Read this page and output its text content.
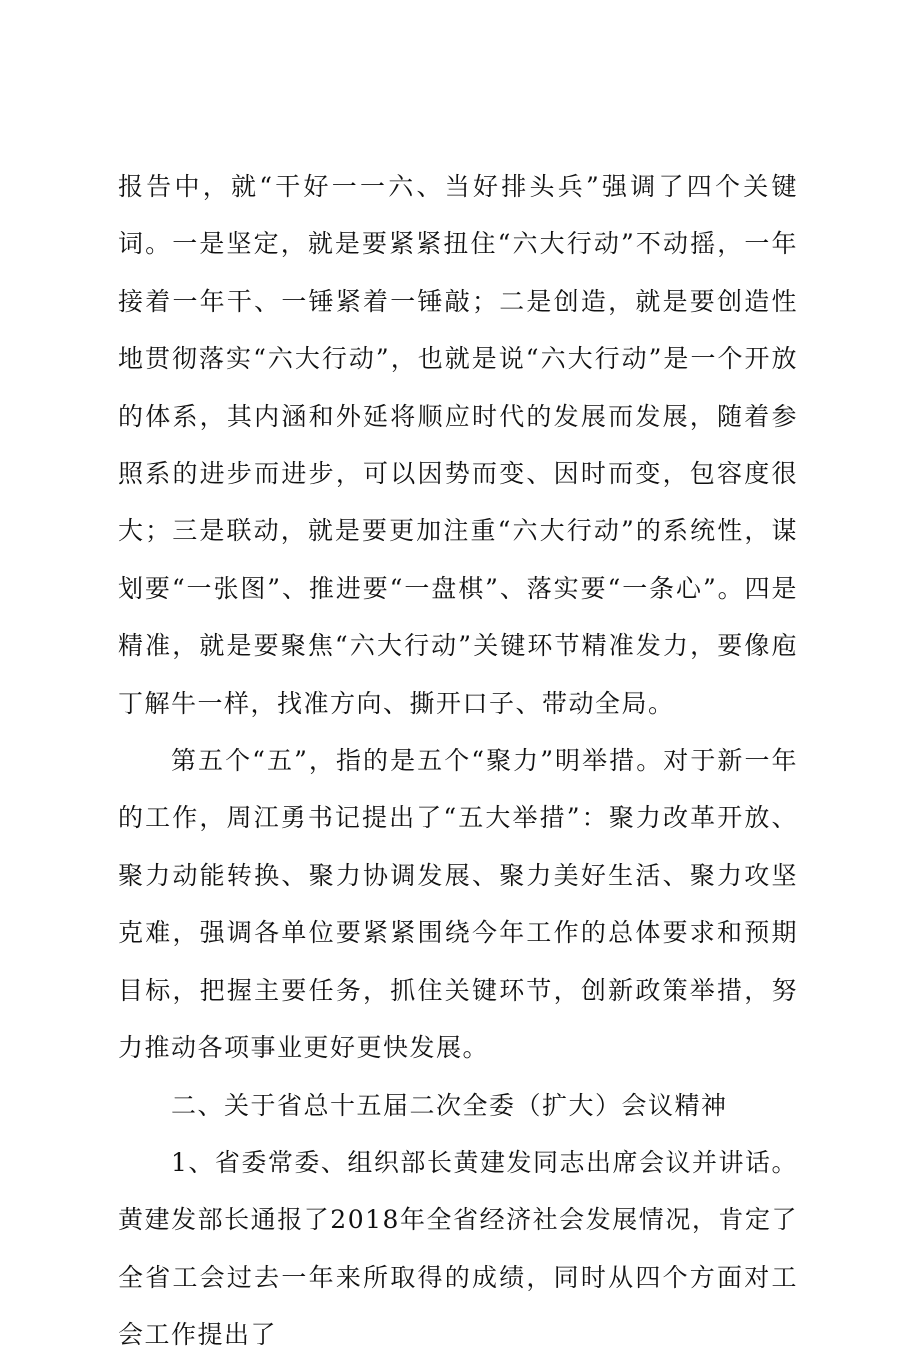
报告中，就“干好一一六、当好排头兵”强调了四个关键词。一是坚定，就是要紧紧扭住“六大行动”不动摇，一年接着一年干、一锤紧着一锤敲；二是创造，就是要创造性地贯彻落实“六大行动”，也就是说“六大行动”是一个开放的体系，其内涵和外延将顺应时代的发展而发展，随着参照系的进步而进步，可以因势而变、因时而变，包容度很大；三是联动，就是要更加注重“六大行动”的系统性，谋划要“一张图”、推进要“一盘棋”、落实要“一条心”。四是精准，就是要聚焦“六大行动”关键环节精准发力，要像庖丁解牛一样，找准方向、撕开口子、带动全局。

第五个“五”，指的是五个“聚力”明举措。对于新一年的工作，周江勇书记提出了“五大举措”：聚力改革开放、聚力动能转换、聚力协调发展、聚力美好生活、聚力攻坚克难，强调各单位要紧紧围绕今年工作的总体要求和预期目标，把握主要任务，抓住关键环节，创新政策举措，努力推动各项事业更好更快发展。

二、关于省总十五届二次全委（扩大）会议精神

1、省委常委、组织部长黄建发同志出席会议并讲话。黄建发部长通报了2018年全省经济社会发展情况，肯定了全省工会过去一年来所取得的成绩，同时从四个方面对工会工作提出了
